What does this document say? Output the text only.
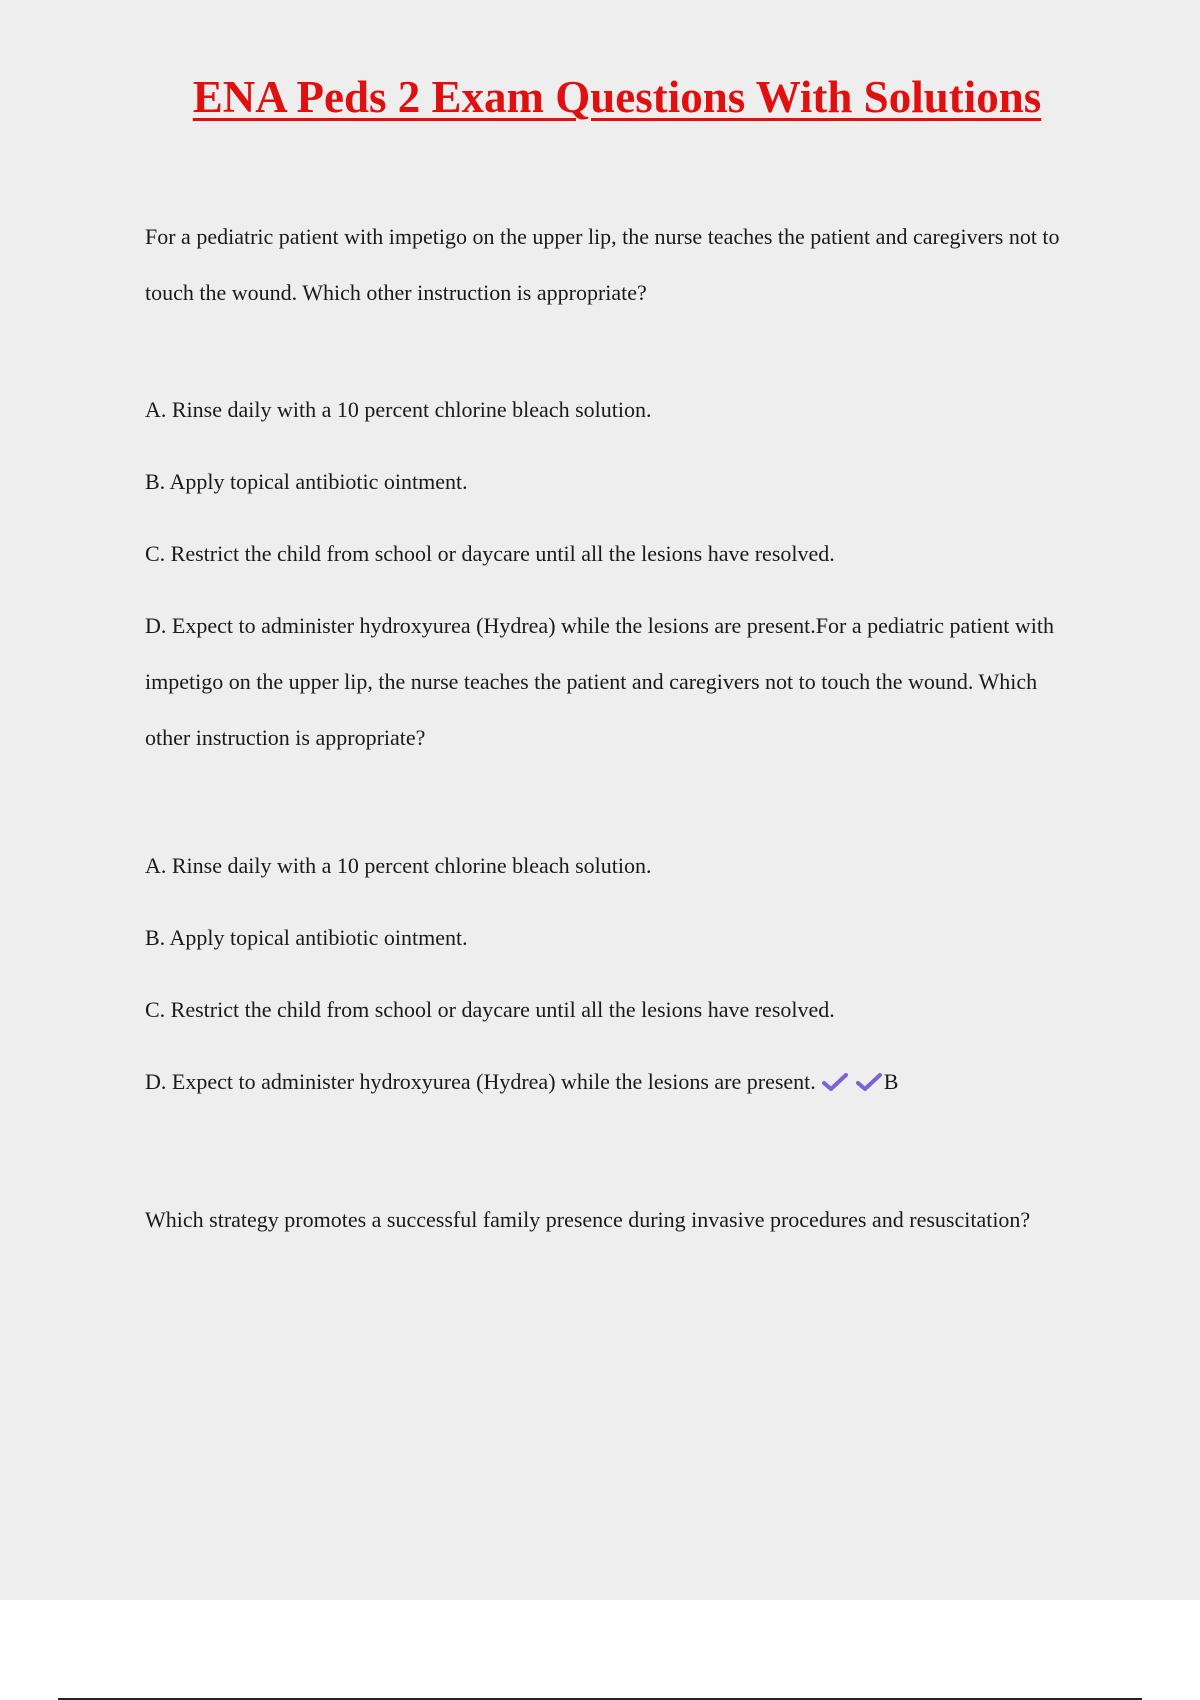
ENA Peds 2 Exam Questions With Solutions

For a pediatric patient with impetigo on the upper lip, the nurse teaches the patient and caregivers not to touch the wound. Which other instruction is appropriate?

A. Rinse daily with a 10 percent chlorine bleach solution.

B. Apply topical antibiotic ointment.

C. Restrict the child from school or daycare until all the lesions have resolved.

D. Expect to administer hydroxyurea (Hydrea) while the lesions are present.For a pediatric patient with impetigo on the upper lip, the nurse teaches the patient and caregivers not to touch the wound. Which other instruction is appropriate?

A. Rinse daily with a 10 percent chlorine bleach solution.

B. Apply topical antibiotic ointment.

C. Restrict the child from school or daycare until all the lesions have resolved.

D. Expect to administer hydroxyurea (Hydrea) while the lesions are present.	B

Which strategy promotes a successful family presence during invasive procedures and resuscitation?
